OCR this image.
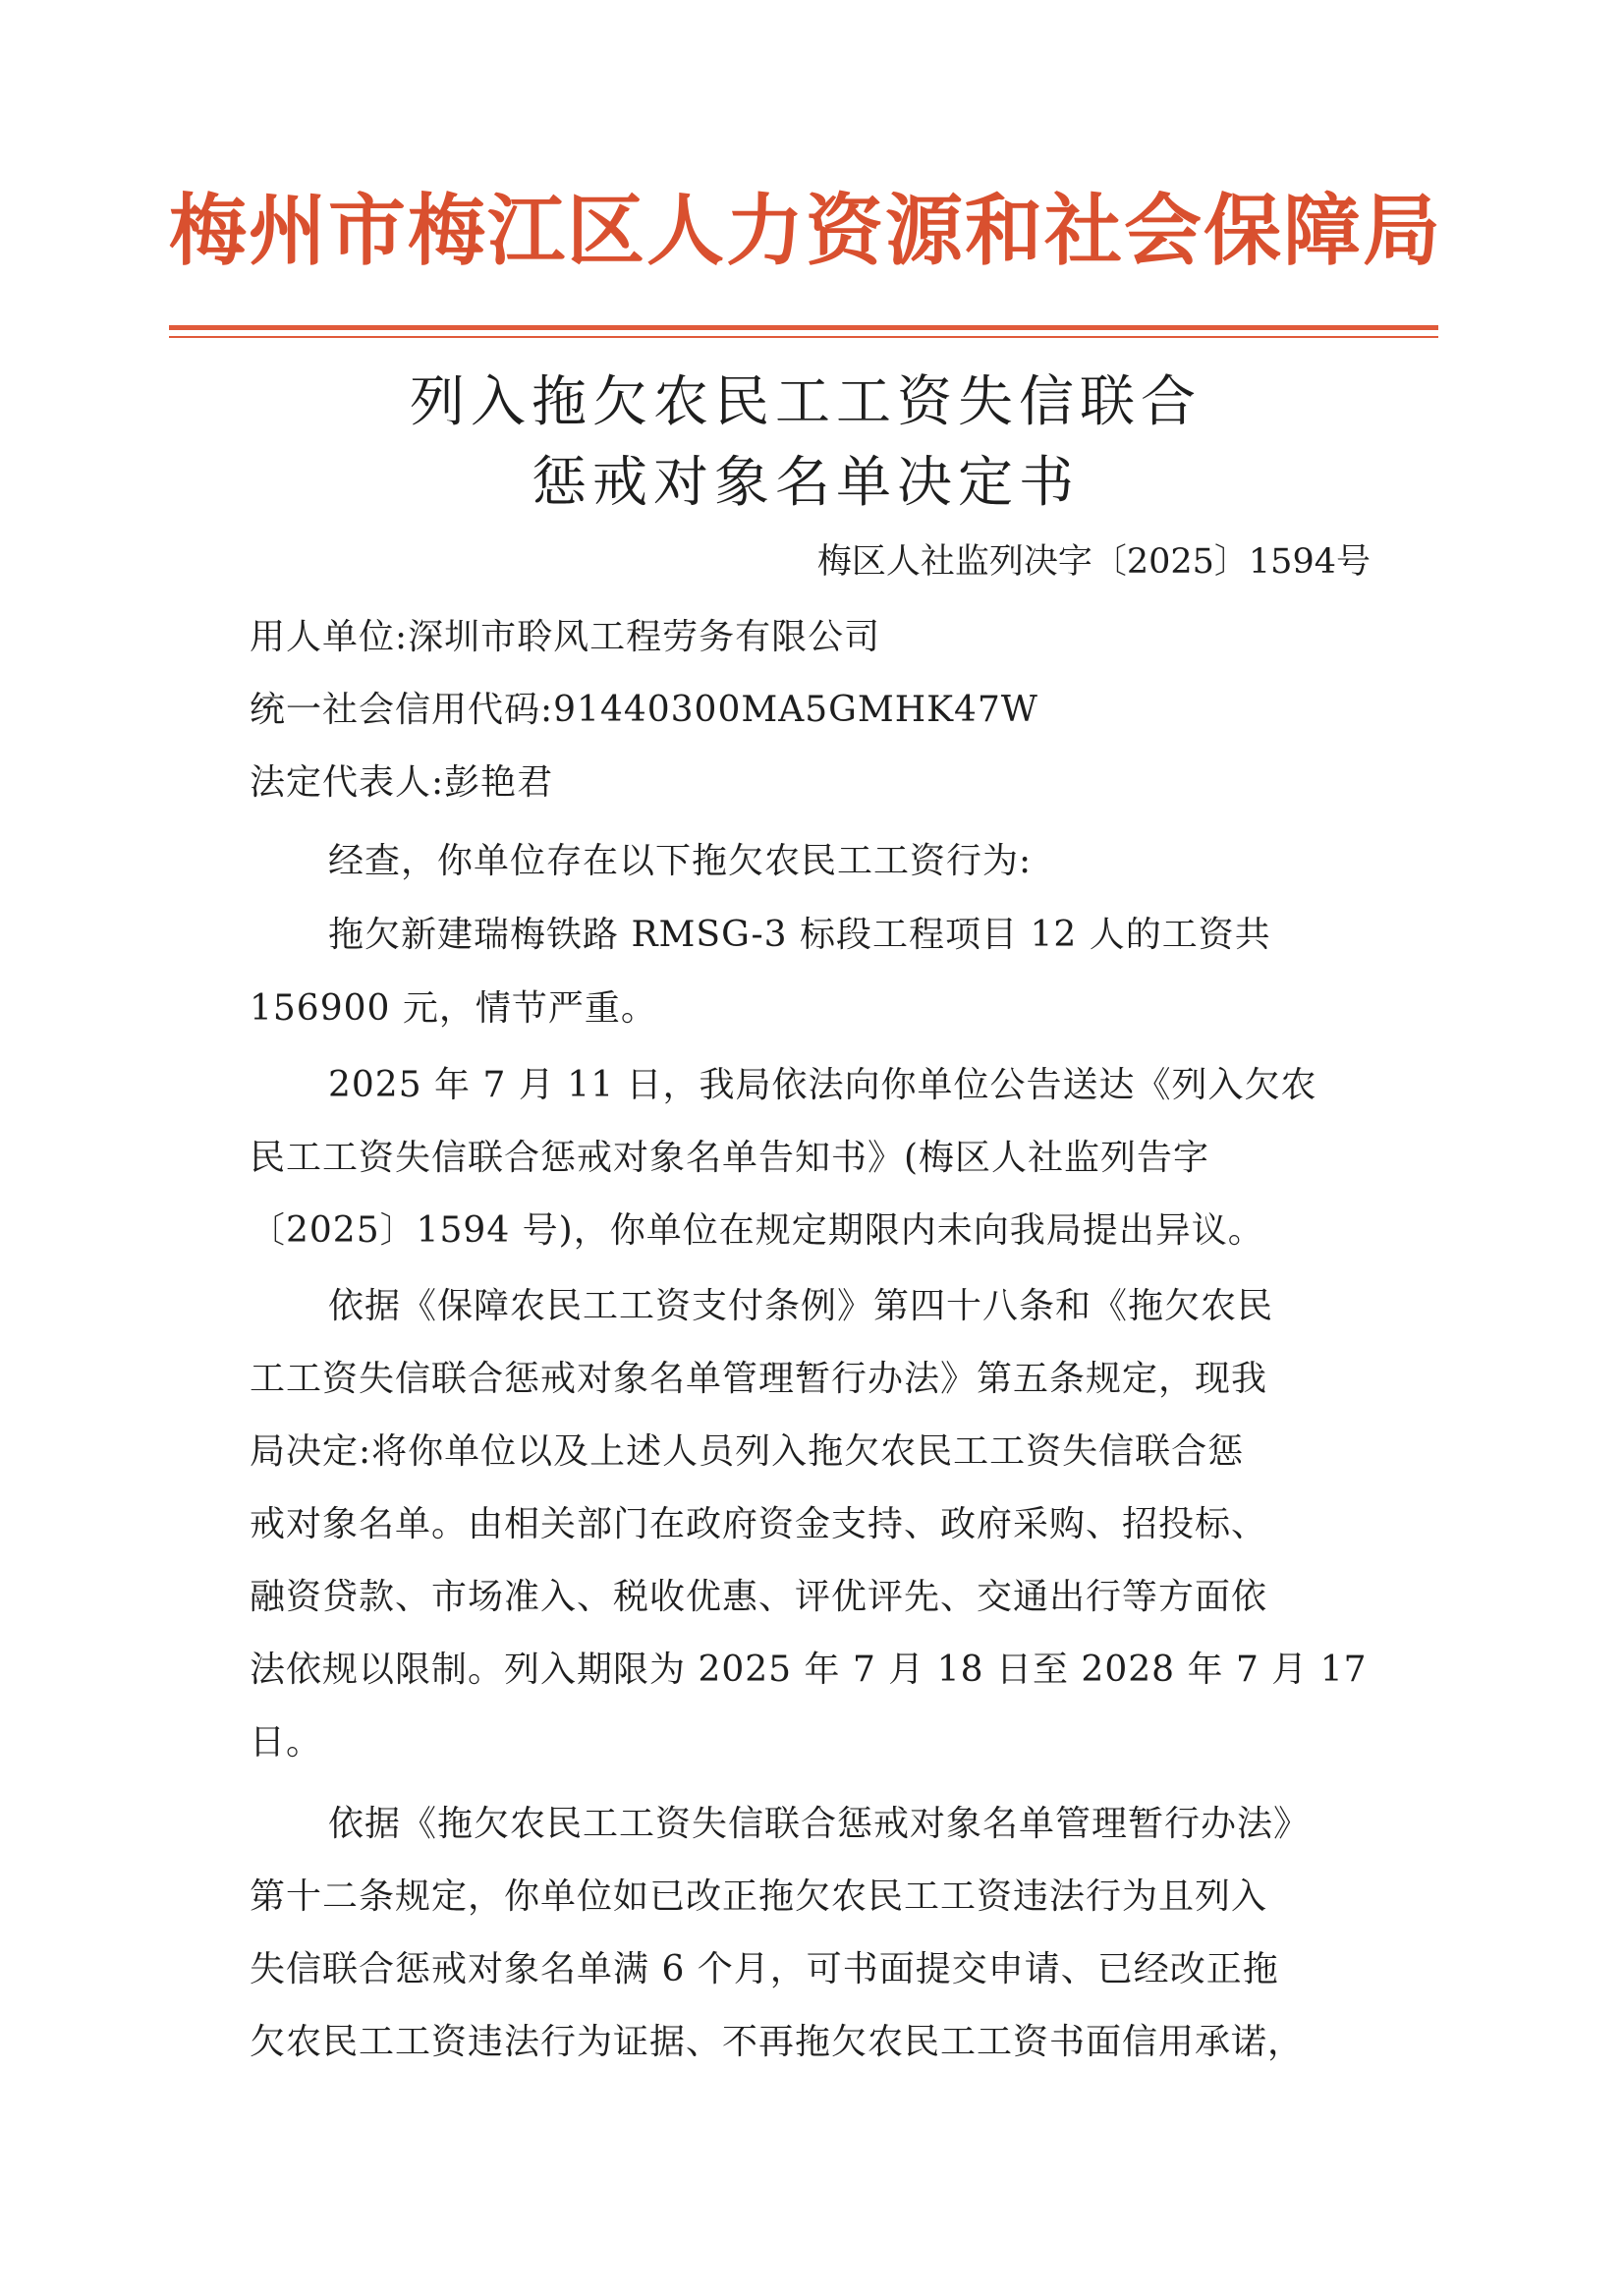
梅州市梅江区人力资源和社会保障局
列入拖欠农民工工资失信联合
惩戒对象名单决定书
梅区人社监列决字〔2025〕1594号
用人单位:深圳市聆风工程劳务有限公司
统一社会信用代码:91440300MA5GMHK47W
法定代表人:彭艳君
经查，你单位存在以下拖欠农民工工资行为:
拖欠新建瑞梅铁路 RMSG-3 标段工程项目 12 人的工资共
156900 元，情节严重。
2025 年 7 月 11 日，我局依法向你单位公告送达《列入欠农
民工工资失信联合惩戒对象名单告知书》(梅区人社监列告字
〔2025〕1594 号)，你单位在规定期限内未向我局提出异议。
依据《保障农民工工资支付条例》第四十八条和《拖欠农民
工工资失信联合惩戒对象名单管理暂行办法》第五条规定，现我
局决定:将你单位以及上述人员列入拖欠农民工工资失信联合惩
戒对象名单。由相关部门在政府资金支持、政府采购、招投标、
融资贷款、市场准入、税收优惠、评优评先、交通出行等方面依
法依规以限制。列入期限为 2025 年 7 月 18 日至 2028 年 7 月 17
日。
依据《拖欠农民工工资失信联合惩戒对象名单管理暂行办法》
第十二条规定，你单位如已改正拖欠农民工工资违法行为且列入
失信联合惩戒对象名单满 6 个月，可书面提交申请、已经改正拖
欠农民工工资违法行为证据、不再拖欠农民工工资书面信用承诺，
